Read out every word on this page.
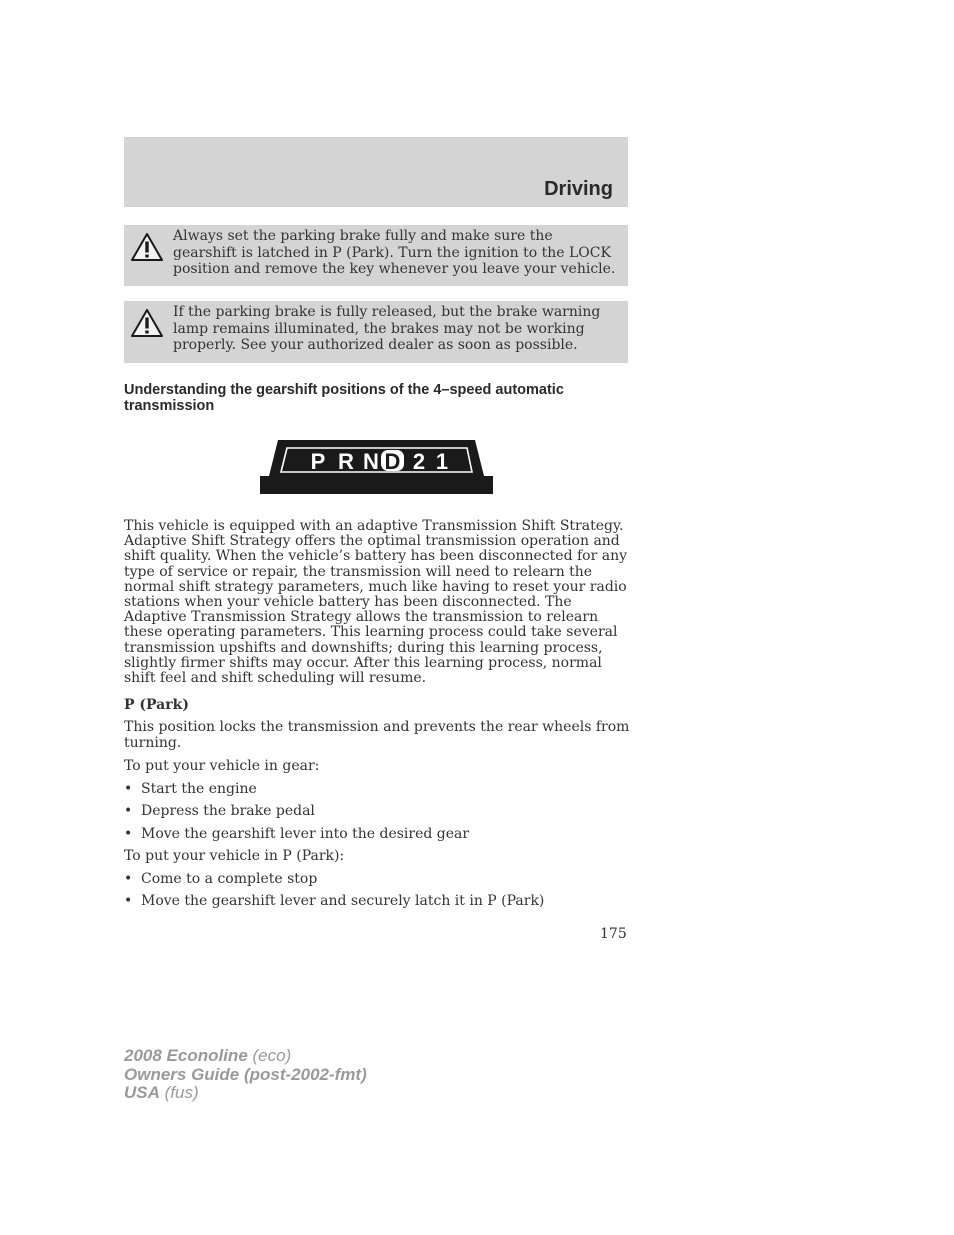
Driving
Always set the parking brake fully and make sure the gearshift is latched in P (Park). Turn the ignition to the LOCK position and remove the key whenever you leave your vehicle.
If the parking brake is fully released, but the brake warning lamp remains illuminated, the brakes may not be working properly. See your authorized dealer as soon as possible.
Understanding the gearshift positions of the 4–speed automatic transmission
P R N D 2 1
This vehicle is equipped with an adaptive Transmission Shift Strategy. Adaptive Shift Strategy offers the optimal transmission operation and shift quality. When the vehicle’s battery has been disconnected for any type of service or repair, the transmission will need to relearn the normal shift strategy parameters, much like having to reset your radio stations when your vehicle battery has been disconnected. The Adaptive Transmission Strategy allows the transmission to relearn these operating parameters. This learning process could take several transmission upshifts and downshifts; during this learning process, slightly firmer shifts may occur. After this learning process, normal shift feel and shift scheduling will resume.
P (Park)
This position locks the transmission and prevents the rear wheels from
turning.
To put your vehicle in gear:
• Start the engine
• Depress the brake pedal
• Move the gearshift lever into the desired gear
To put your vehicle in P (Park):
• Come to a complete stop
• Move the gearshift lever and securely latch it in P (Park)
175
2008 Econoline (eco)
Owners Guide (post-2002-fmt)
USA (fus)
